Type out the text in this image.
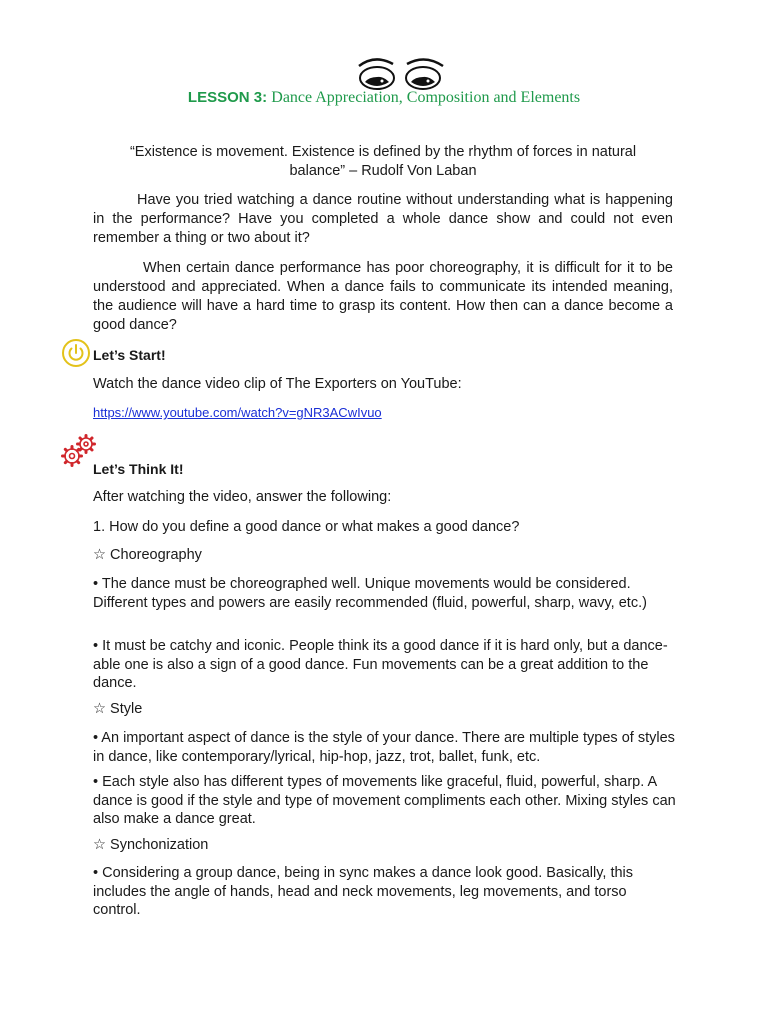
LESSON 3: Dance Appreciation, Composition and Elements
“Existence is movement. Existence is defined by the rhythm of forces in natural
balance” – Rudolf Von Laban
Have you tried watching a dance routine without understanding what is happening in the performance? Have you completed a whole dance show and could not even remember a thing or two about it?
When certain dance performance has poor choreography, it is difficult for it to be understood and appreciated. When a dance fails to communicate its intended meaning, the audience will have a hard time to grasp its content. How then can a dance become a good dance?
Let’s Start!
Watch the dance video clip of The Exporters on YouTube:
https://www.youtube.com/watch?v=gNR3ACwIvuo
Let’s Think It!
After watching the video, answer the following:
1. How do you define a good dance or what makes a good dance?
☆ Choreography
• The dance must be choreographed well. Unique movements would be considered. Different types and powers are easily recommended (fluid, powerful, sharp, wavy, etc.)
• It must be catchy and iconic. People think its a good dance if it is hard only, but a dance-able one is also a sign of a good dance. Fun movements can be a great addition to the dance.
☆ Style
• An important aspect of dance is the style of your dance. There are multiple types of styles in dance, like contemporary/lyrical, hip-hop, jazz, trot, ballet, funk, etc.
• Each style also has different types of movements like graceful, fluid, powerful, sharp. A dance is good if the style and type of movement compliments each other. Mixing styles can also make a dance great.
☆ Synchonization
• Considering a group dance, being in sync makes a dance look good. Basically, this includes the angle of hands, head and neck movements, leg movements, and torso control.
